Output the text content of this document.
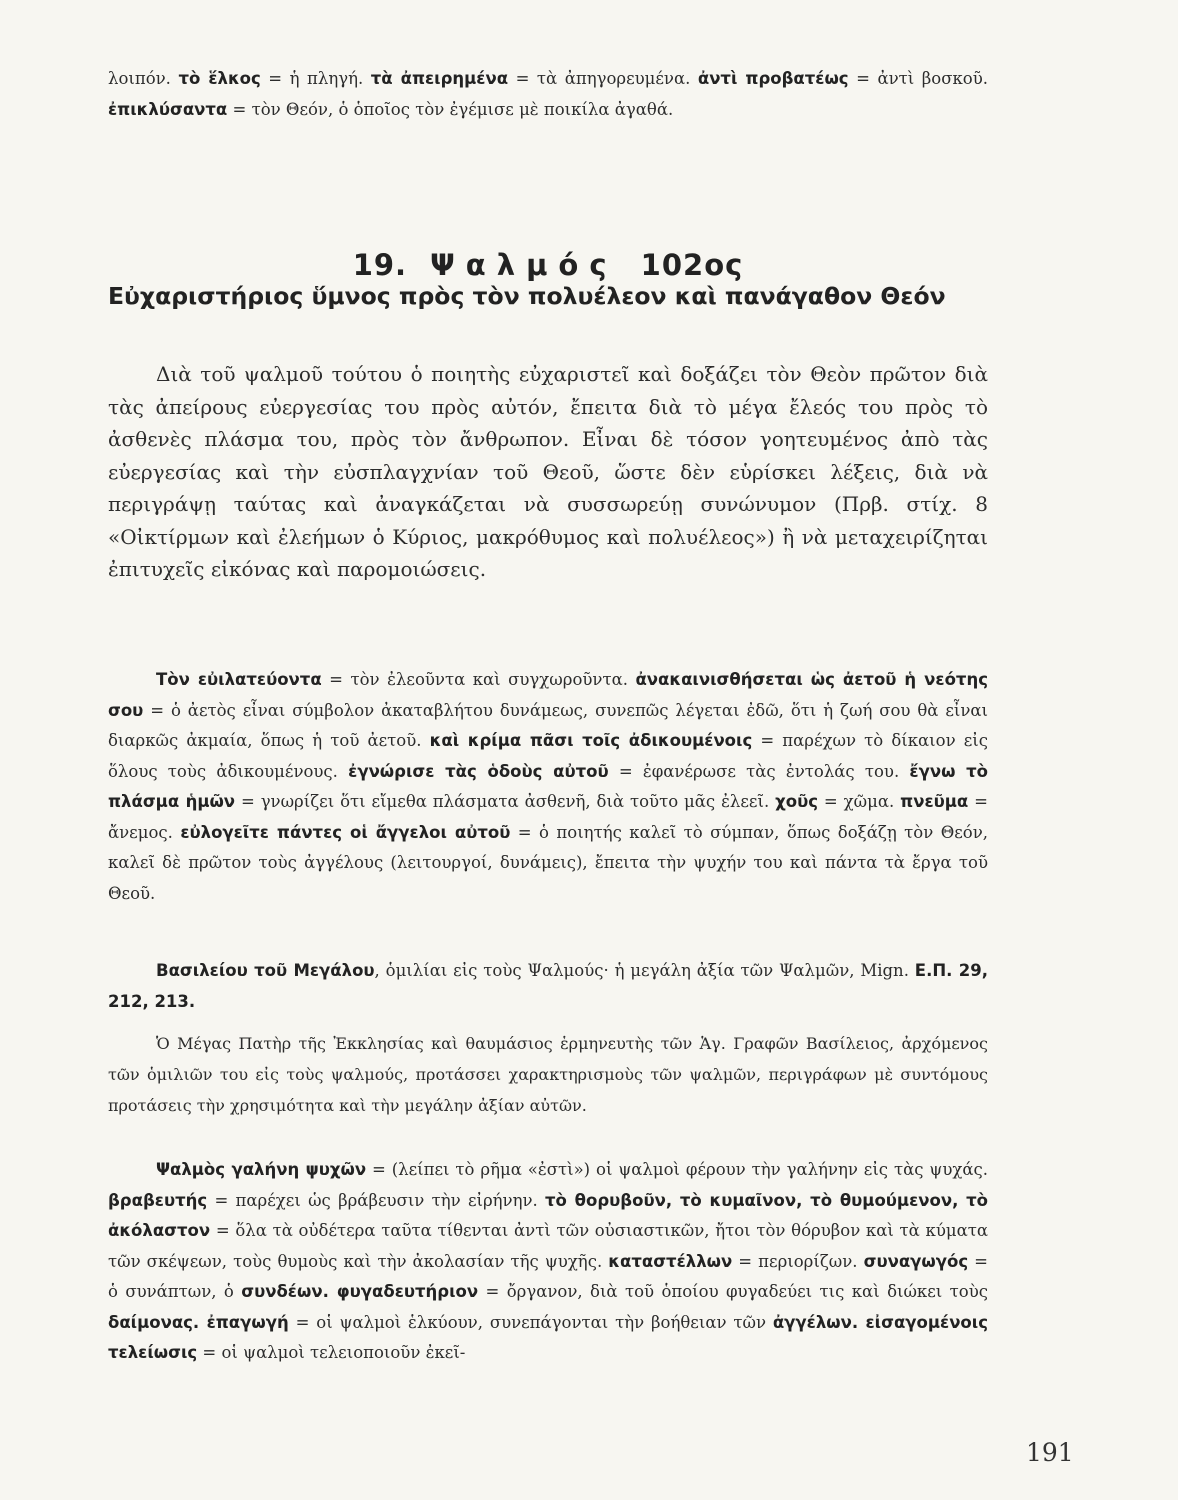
λοιπόν. τὸ ἕλκος = ἡ πληγή. τὰ ἀπειρημένα = τὰ ἀπηγορευμένα. ἀντὶ προβατέως = ἀντὶ βοσκοῦ. ἐπικλύσαντα = τὸν Θεόν, ὁ ὁποῖος τὸν ἐγέμισε μὲ ποικίλα ἀγαθά.

19. Ψαλμός 102ος
Εὐχαριστήριος ὕμνος πρὸς τὸν πολυέλεον καὶ πανάγαθον Θεόν

Διὰ τοῦ ψαλμοῦ τούτου ὁ ποιητὴς εὐχαριστεῖ καὶ δοξάζει τὸν Θεὸν πρῶτον διὰ τὰς ἀπείρους εὐεργεσίας του πρὸς αὐτόν, ἔπειτα διὰ τὸ μέγα ἔλεός του πρὸς τὸ ἀσθενὲς πλάσμα του, πρὸς τὸν ἄνθρωπον. Εἶναι δὲ τόσον γοητευμένος ἀπὸ τὰς εὐεργεσίας καὶ τὴν εὐσπλαγχνίαν τοῦ Θεοῦ, ὥστε δὲν εὑρίσκει λέξεις, διὰ νὰ περιγράψῃ ταύτας καὶ ἀναγκάζεται νὰ συσσωρεύῃ συνώνυμον (Πρβ. στίχ. 8 «Οἰκτίρμων καὶ ἐλεήμων ὁ Κύριος, μακρόθυμος καὶ πολυέλεος») ἢ νὰ μεταχειρίζηται ἐπιτυχεῖς εἰκόνας καὶ παρομοιώσεις.

Τὸν εὐιλατεύοντα = τὸν ἐλεοῦντα καὶ συγχωροῦντα. ἀνακαινισθήσεται ὡς ἀετοῦ ἡ νεότης σου = ὁ ἀετὸς εἶναι σύμβολον ἀκαταβλήτου δυνάμεως, συνεπῶς λέγεται ἐδῶ, ὅτι ἡ ζωή σου θὰ εἶναι διαρκῶς ἀκμαία, ὅπως ἡ τοῦ ἀετοῦ. καὶ κρίμα πᾶσι τοῖς ἀδικουμένοις = παρέχων τὸ δίκαιον εἰς ὅλους τοὺς ἀδικουμένους. ἐγνώρισε τὰς ὁδοὺς αὐτοῦ = ἐφανέρωσε τὰς ἐντολάς του. ἔγνω τὸ πλάσμα ἡμῶν = γνωρίζει ὅτι εἴμεθα πλάσματα ἀσθενῆ, διὰ τοῦτο μᾶς ἐλεεῖ. χοῦς = χῶμα. πνεῦμα = ἄνεμος. εὐλογεῖτε πάντες οἱ ἄγγελοι αὐτοῦ = ὁ ποιητής καλεῖ τὸ σύμπαν, ὅπως δοξάζῃ τὸν Θεόν, καλεῖ δὲ πρῶτον τοὺς ἀγγέλους (λειτουργοί, δυνάμεις), ἔπειτα τὴν ψυχήν του καὶ πάντα τὰ ἔργα τοῦ Θεοῦ.

Βασιλείου τοῦ Μεγάλου, ὁμιλίαι εἰς τοὺς Ψαλμούς· ἡ μεγάλη ἀξία τῶν Ψαλμῶν, Mign. Ε.Π. 29, 212, 213.

Ὁ Μέγας Πατὴρ τῆς Ἐκκλησίας καὶ θαυμάσιος ἑρμηνευτὴς τῶν Ἁγ. Γραφῶν Βασίλειος, ἀρχόμενος τῶν ὁμιλιῶν του εἰς τοὺς ψαλμούς, προτάσσει χαρακτηρισμοὺς τῶν ψαλμῶν, περιγράφων μὲ συντόμους προτάσεις τὴν χρησιμότητα καὶ τὴν μεγάλην ἀξίαν αὐτῶν.

Ψαλμὸς γαλήνη ψυχῶν = (λείπει τὸ ρῆμα «ἐστὶ») οἱ ψαλμοὶ φέρουν τὴν γαλήνην εἰς τὰς ψυχάς. βραβευτής = παρέχει ὡς βράβευσιν τὴν εἰρήνην. τὸ θορυβοῦν, τὸ κυμαῖνον, τὸ θυμούμενον, τὸ ἀκόλαστον = ὅλα τὰ οὐδέτερα ταῦτα τίθενται ἀντὶ τῶν οὐσιαστικῶν, ἤτοι τὸν θόρυβον καὶ τὰ κύματα τῶν σκέψεων, τοὺς θυμοὺς καὶ τὴν ἀκολασίαν τῆς ψυχῆς. καταστέλλων = περιορίζων. συναγωγός = ὁ συνάπτων, ὁ συνδέων. φυγαδευτήριον = ὄργανον, διὰ τοῦ ὁποίου φυγαδεύει τις καὶ διώκει τοὺς δαίμονας. ἐπαγωγή = οἱ ψαλμοὶ ἑλκύουν, συνεπάγονται τὴν βοήθειαν τῶν ἀγγέλων. εἰσαγομένοις τελείωσις = οἱ ψαλμοὶ τελειοποιοῦν ἐκεῖ-

191
